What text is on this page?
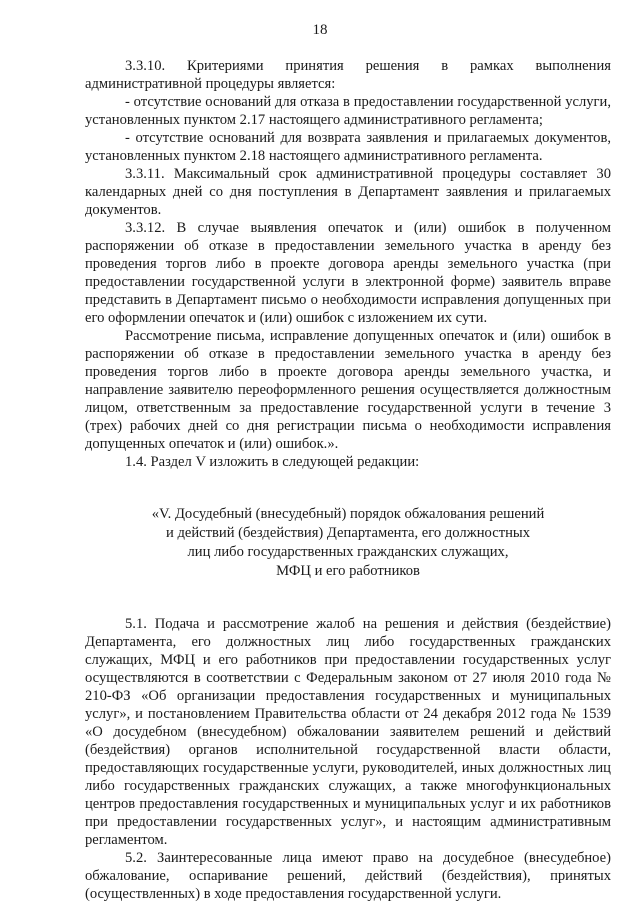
18

3.3.10. Критериями принятия решения в рамках выполнения административной процедуры является:

- отсутствие оснований для отказа в предоставлении государственной услуги, установленных пунктом 2.17 настоящего административного регламента;

- отсутствие оснований для возврата заявления и прилагаемых документов, установленных пунктом 2.18 настоящего административного регламента.

3.3.11. Максимальный срок административной процедуры составляет 30 календарных дней со дня поступления в Департамент заявления и прилагаемых документов.

3.3.12. В случае выявления опечаток и (или) ошибок в полученном распоряжении об отказе в предоставлении земельного участка в аренду без проведения торгов либо в проекте договора аренды земельного участка (при предоставлении государственной услуги в электронной форме) заявитель вправе представить в Департамент письмо о необходимости исправления допущенных при его оформлении опечаток и (или) ошибок с изложением их сути.

Рассмотрение письма, исправление допущенных опечаток и (или) ошибок в распоряжении об отказе в предоставлении земельного участка в аренду без проведения торгов либо в проекте договора аренды земельного участка, и направление заявителю переоформленного решения осуществляется должностным лицом, ответственным за предоставление государственной услуги в течение 3 (трех) рабочих дней со дня регистрации письма о необходимости исправления допущенных опечаток и (или) ошибок.».

1.4. Раздел V изложить в следующей редакции:

«V. Досудебный (внесудебный) порядок обжалования решений
и действий (бездействия) Департамента, его должностных
лиц либо государственных гражданских служащих,
МФЦ и его работников

5.1. Подача и рассмотрение жалоб на решения и действия (бездействие) Департамента, его должностных лиц либо государственных гражданских служащих, МФЦ и его работников при предоставлении государственных услуг осуществляются в соответствии с Федеральным законом от 27 июля 2010 года № 210-ФЗ «Об организации предоставления государственных и муниципальных услуг», и постановлением Правительства области от 24 декабря 2012 года № 1539 «О досудебном (внесудебном) обжаловании заявителем решений и действий (бездействия) органов исполнительной государственной власти области, предоставляющих государственные услуги, руководителей, иных должностных лиц либо государственных гражданских служащих, а также многофункциональных центров предоставления государственных и муниципальных услуг и их работников при предоставлении государственных услуг», и настоящим административным регламентом.

5.2. Заинтересованные лица имеют право на досудебное (внесудебное) обжалование, оспаривание решений, действий (бездействия), принятых (осуществленных) в ходе предоставления государственной услуги.
